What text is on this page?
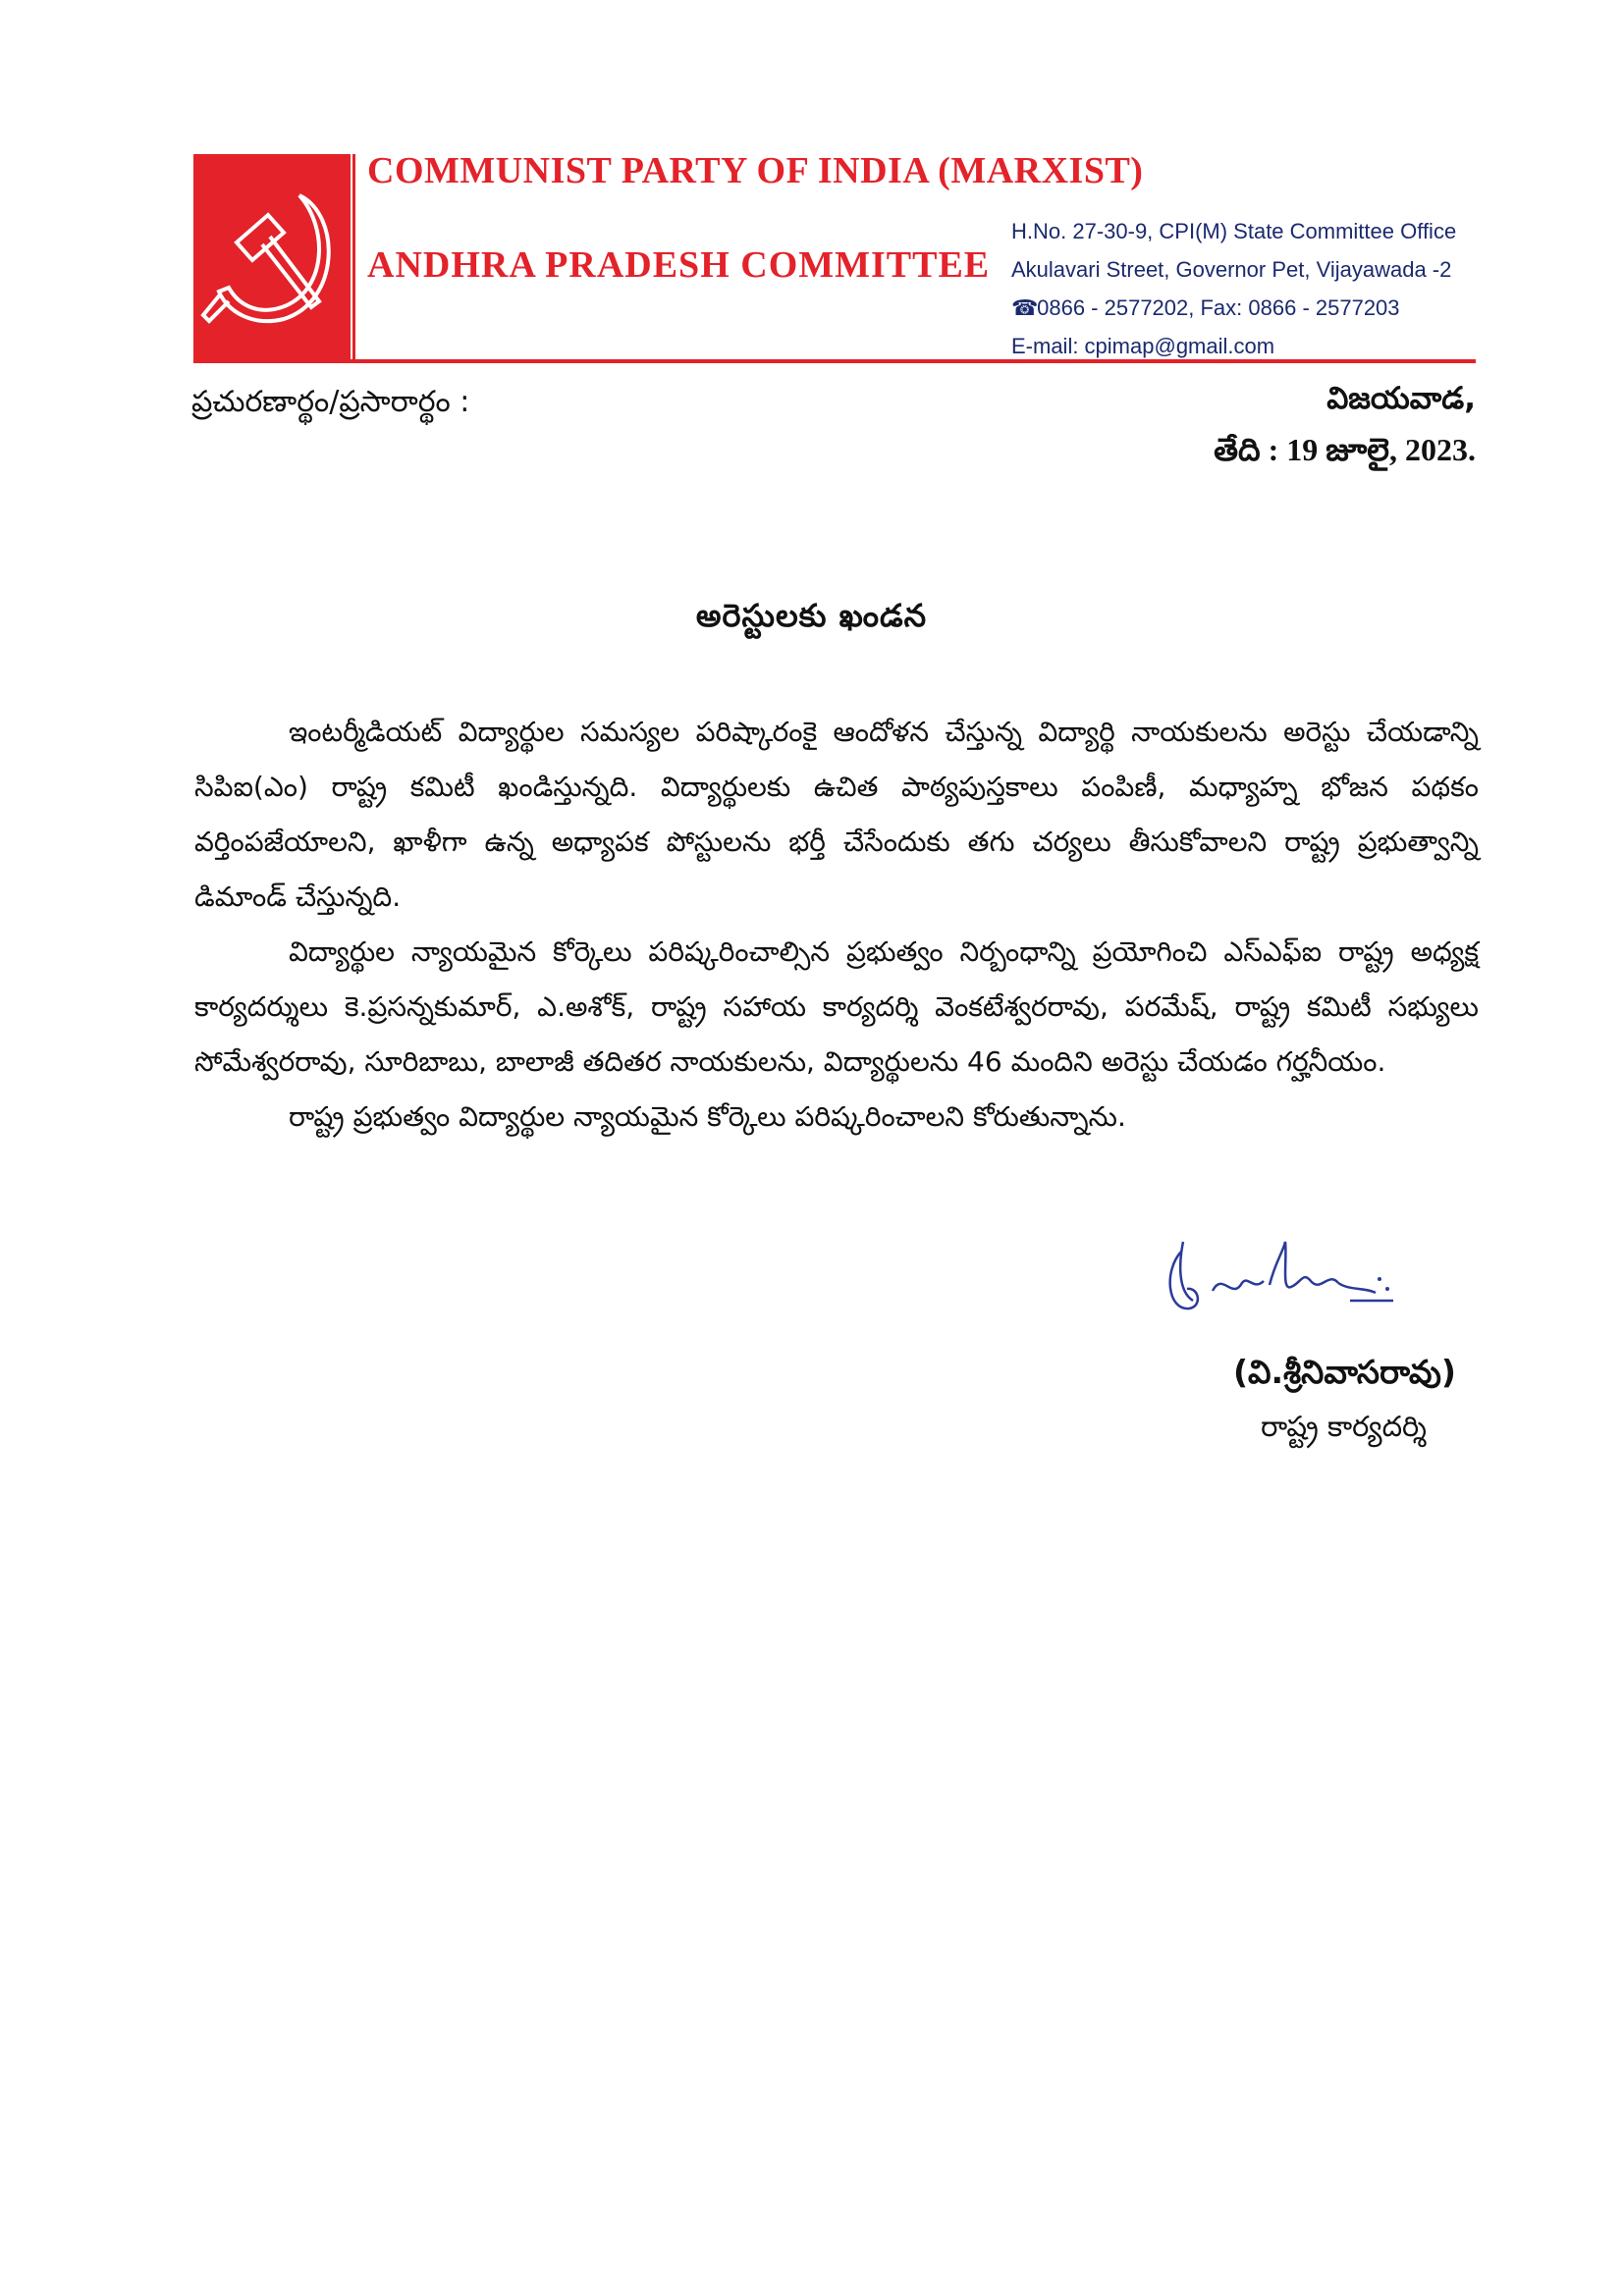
COMMUNIST PARTY OF INDIA (MARXIST)
ANDHRA PRADESH COMMITTEE
H.No. 27-30-9, CPI(M) State Committee Office
Akulavari Street, Governor Pet, Vijayawada -2
☎ 0866 - 2577202, Fax: 0866 - 2577203
E-mail: cpimap@gmail.com
ప్రచురణార్థం/ప్రసారార్థం :	విజయవాడ,
తేది : 19 జూలై, 2023.
అరెస్టులకు ఖండన

ఇంటర్మీడియట్ విద్యార్థుల సమస్యల పరిష్కారంకై ఆందోళన చేస్తున్న విద్యార్థి నాయకులను అరెస్టు చేయడాన్ని సిపిఐ(ఎం) రాష్ట్ర కమిటీ ఖండిస్తున్నది. విద్యార్థులకు ఉచిత పాఠ్యపుస్తకాలు పంపిణీ, మధ్యాహ్న భోజన పథకం వర్తింపజేయాలని, ఖాళీగా ఉన్న అధ్యాపక పోస్టులను భర్తీ చేసేందుకు తగు చర్యలు తీసుకోవాలని రాష్ట్ర ప్రభుత్వాన్ని డిమాండ్ చేస్తున్నది.

విద్యార్థుల న్యాయమైన కోర్కెలు పరిష్కరించాల్సిన ప్రభుత్వం నిర్బంధాన్ని ప్రయోగించి ఎస్ఎఫ్ఐ రాష్ట్ర అధ్యక్ష కార్యదర్శులు కె.ప్రసన్నకుమార్, ఎ.అశోక్, రాష్ట్ర సహాయ కార్యదర్శి వెంకటేశ్వరరావు, పరమేష్, రాష్ట్ర కమిటీ సభ్యులు సోమేశ్వరరావు, సూరిబాబు, బాలాజీ తదితర నాయకులను, విద్యార్థులను 46 మందిని అరెస్టు చేయడం గర్హనీయం.

రాష్ట్ర ప్రభుత్వం విద్యార్థుల న్యాయమైన కోర్కెలు పరిష్కరించాలని కోరుతున్నాను.

(వి.శ్రీనివాసరావు)
రాష్ట్ర కార్యదర్శి
